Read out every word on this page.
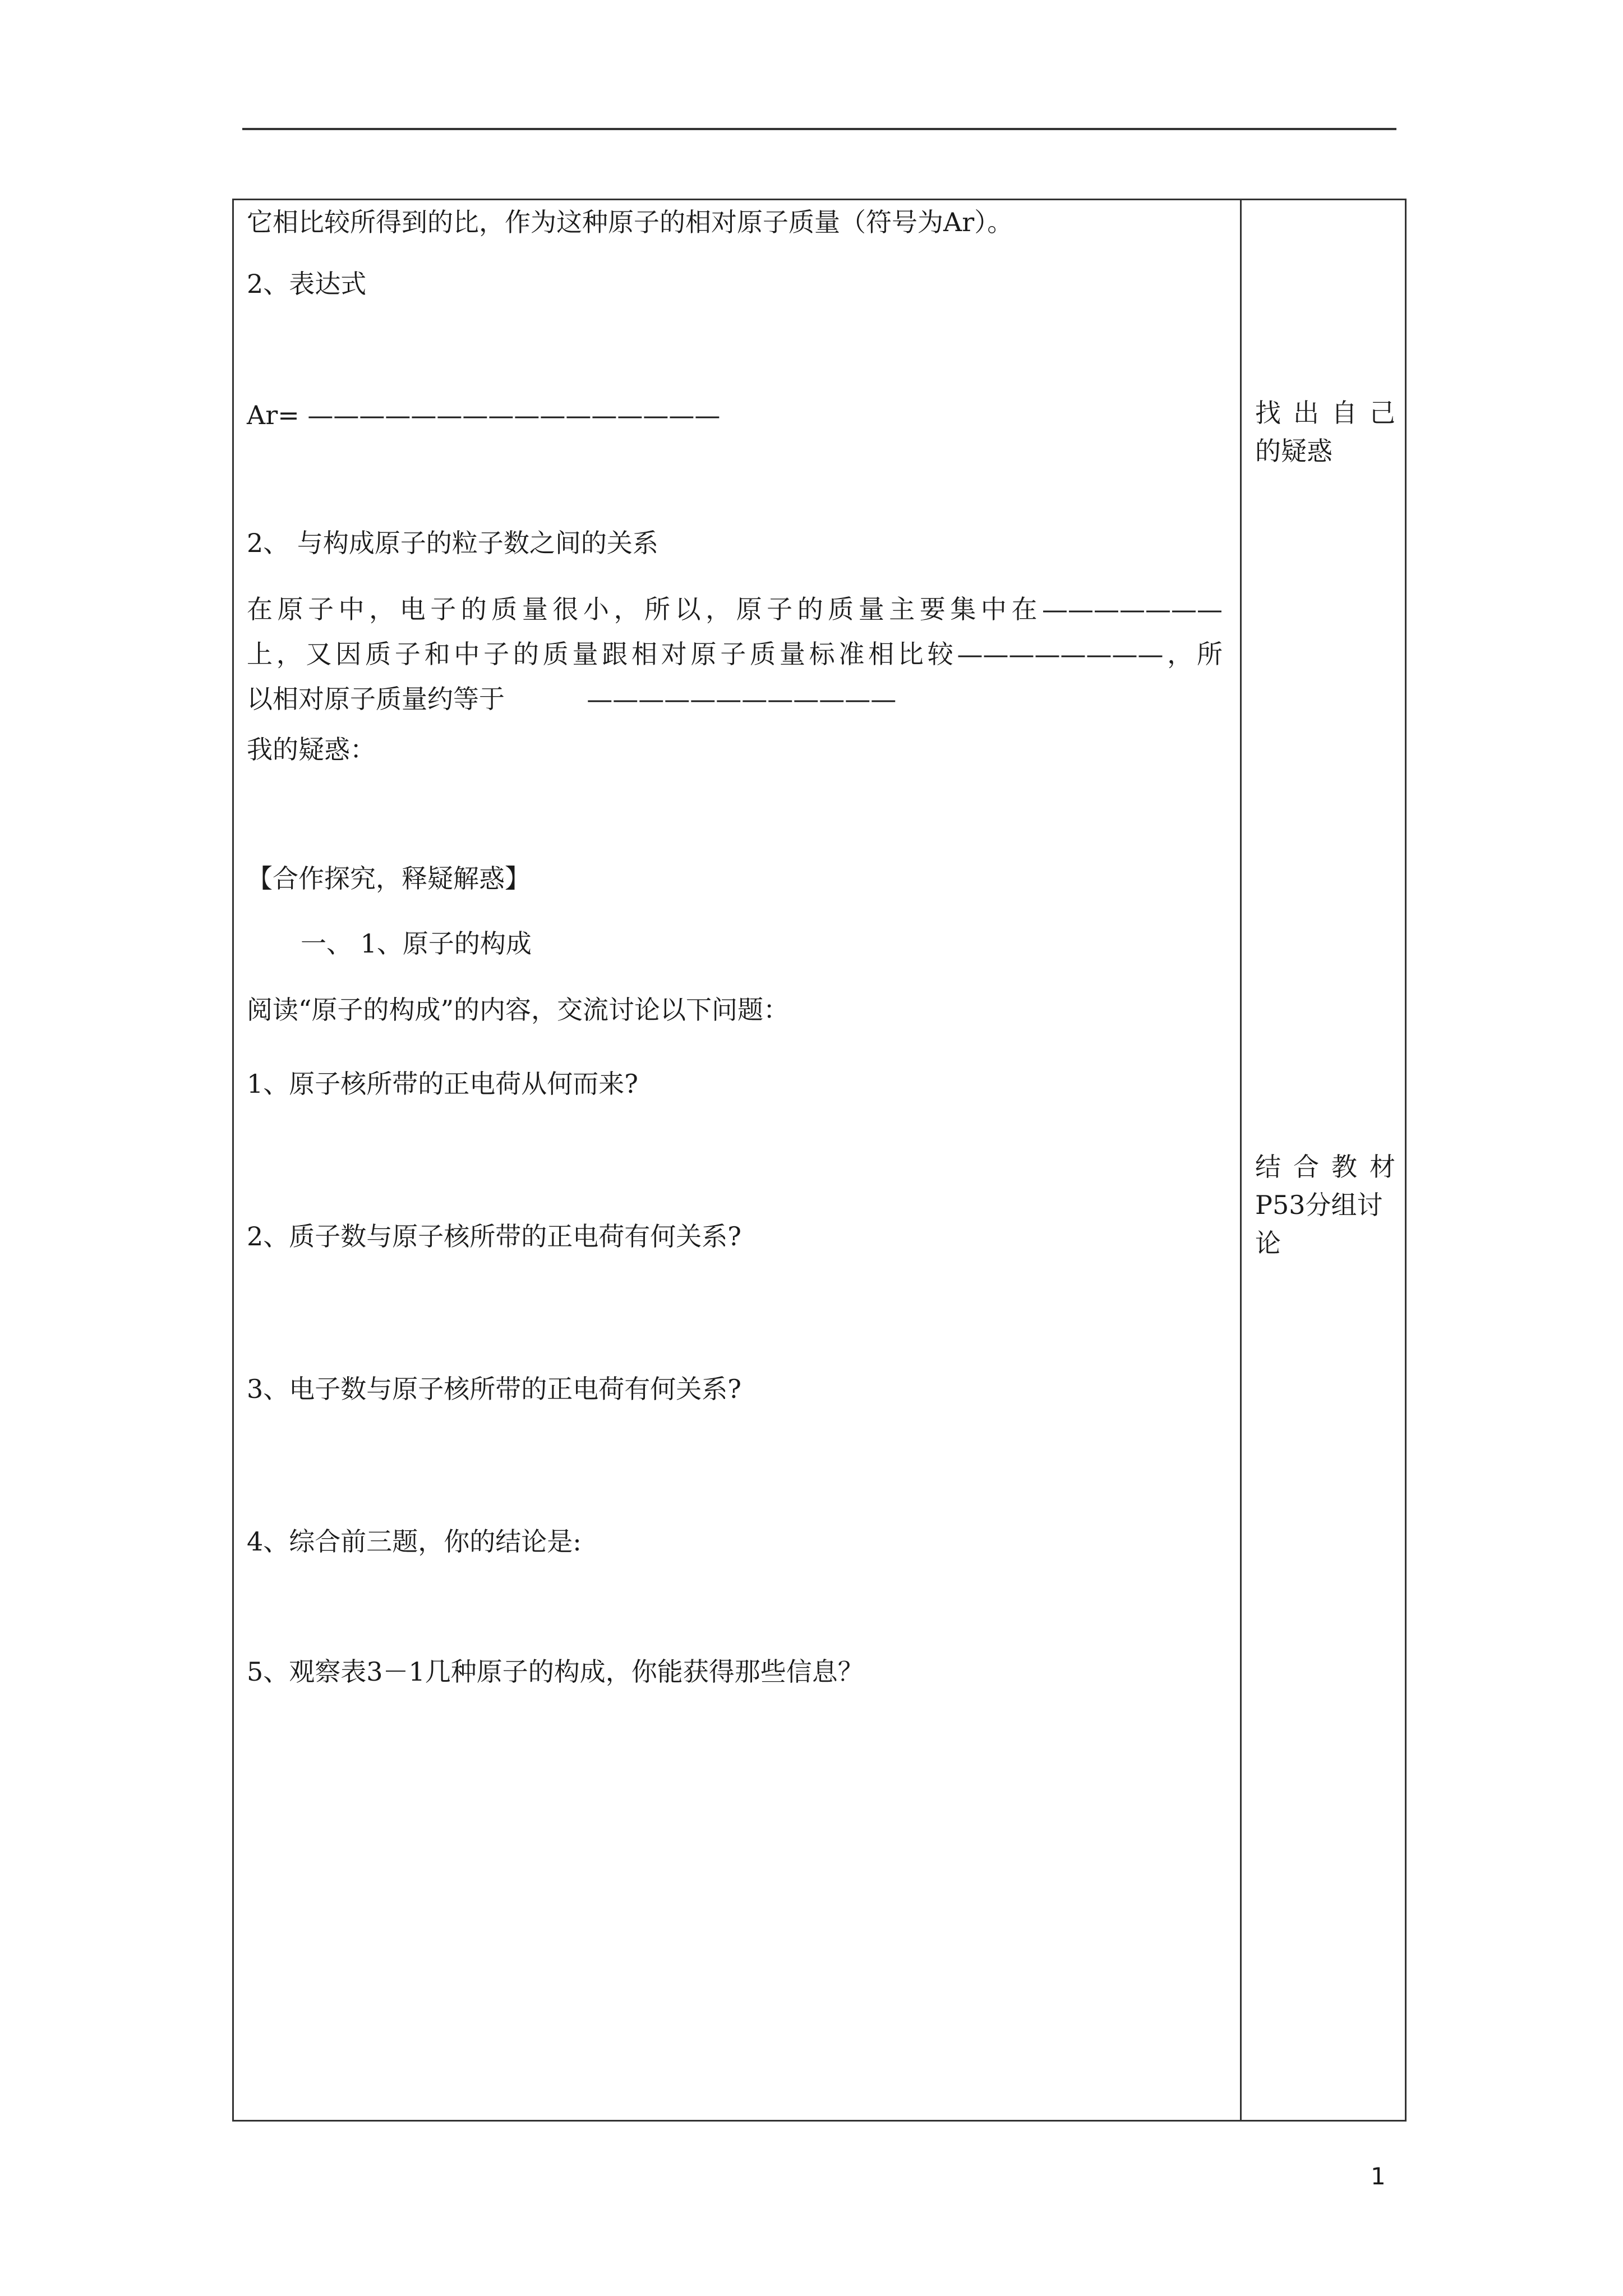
它相比较所得到的比，作为这种原子的相对原子质量（符号为Ar）。

2、表达式

Ar= ————————————————

2、 与构成原子的粒子数之间的关系

在原子中，电子的质量很小，所以，原子的质量主要集中在———————
上，又因质子和中子的质量跟相对原子质量标准相比较————————，所
以相对原子质量约等于          ————————————

我的疑惑：

【合作探究，释疑解惑】

一、 1、原子的构成

阅读“原子的构成”的内容，交流讨论以下问题：

1、原子核所带的正电荷从何而来?

2、质子数与原子核所带的正电荷有何关系?

3、电子数与原子核所带的正电荷有何关系?

4、综合前三题，你的结论是:

5、观察表3－1几种原子的构成，你能获得那些信息？

找出自己

的疑惑

结合教材

P53分组讨

论

1
